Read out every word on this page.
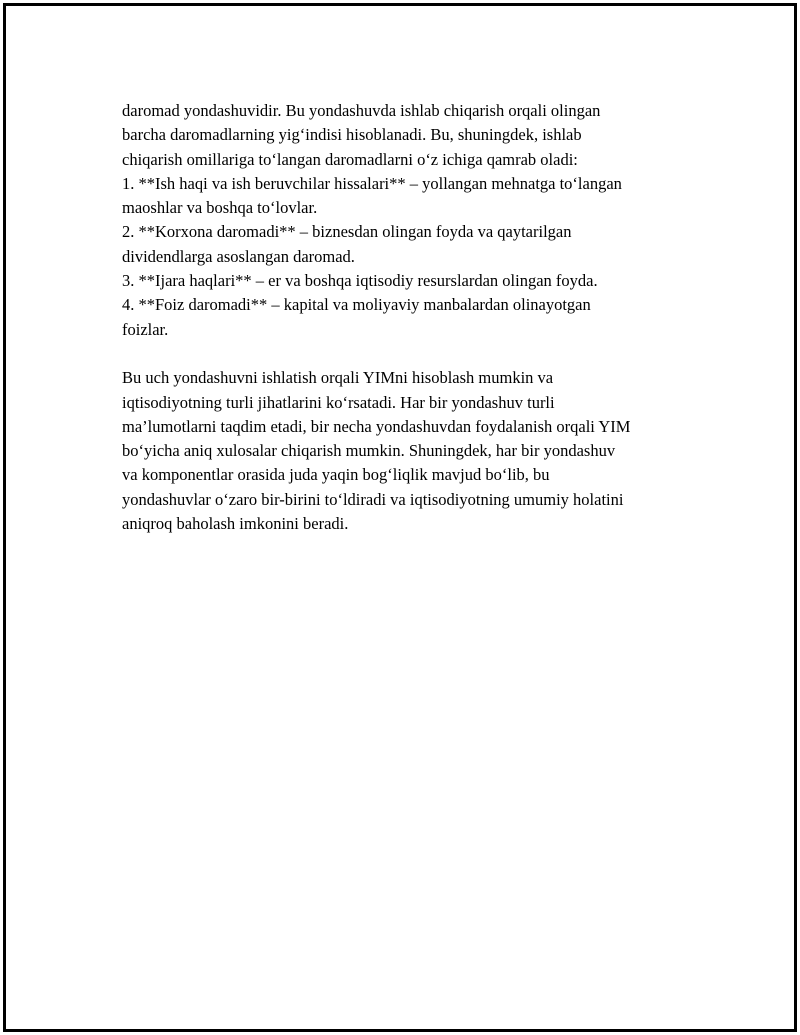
daromad yondashuvidir. Bu yondashuvda ishlab chiqarish orqali olingan
barcha daromadlarning yig‘indisi hisoblanadi. Bu, shuningdek, ishlab
chiqarish omillariga to‘langan daromadlarni o‘z ichiga qamrab oladi:
1. **Ish haqi va ish beruvchilar hissalari** – yollangan mehnatga to‘langan
maoshlar va boshqa to‘lovlar.
2. **Korxona daromadi** – biznesdan olingan foyda va qaytarilgan
dividendlarga asoslangan daromad.
3. **Ijara haqlari** – er va boshqa iqtisodiy resurslardan olingan foyda.
4. **Foiz daromadi** – kapital va moliyaviy manbalardan olinayotgan
foizlar.
Bu uch yondashuvni ishlatish orqali YIMni hisoblash mumkin va
iqtisodiyotning turli jihatlarini ko‘rsatadi. Har bir yondashuv turli
ma’lumotlarni taqdim etadi, bir necha yondashuvdan foydalanish orqali YIM
bo‘yicha aniq xulosalar chiqarish mumkin. Shuningdek, har bir yondashuv
va komponentlar orasida juda yaqin bog‘liqlik mavjud bo‘lib, bu
yondashuvlar o‘zaro bir-birini to‘ldiradi va iqtisodiyotning umumiy holatini
aniqroq baholash imkonini beradi.
